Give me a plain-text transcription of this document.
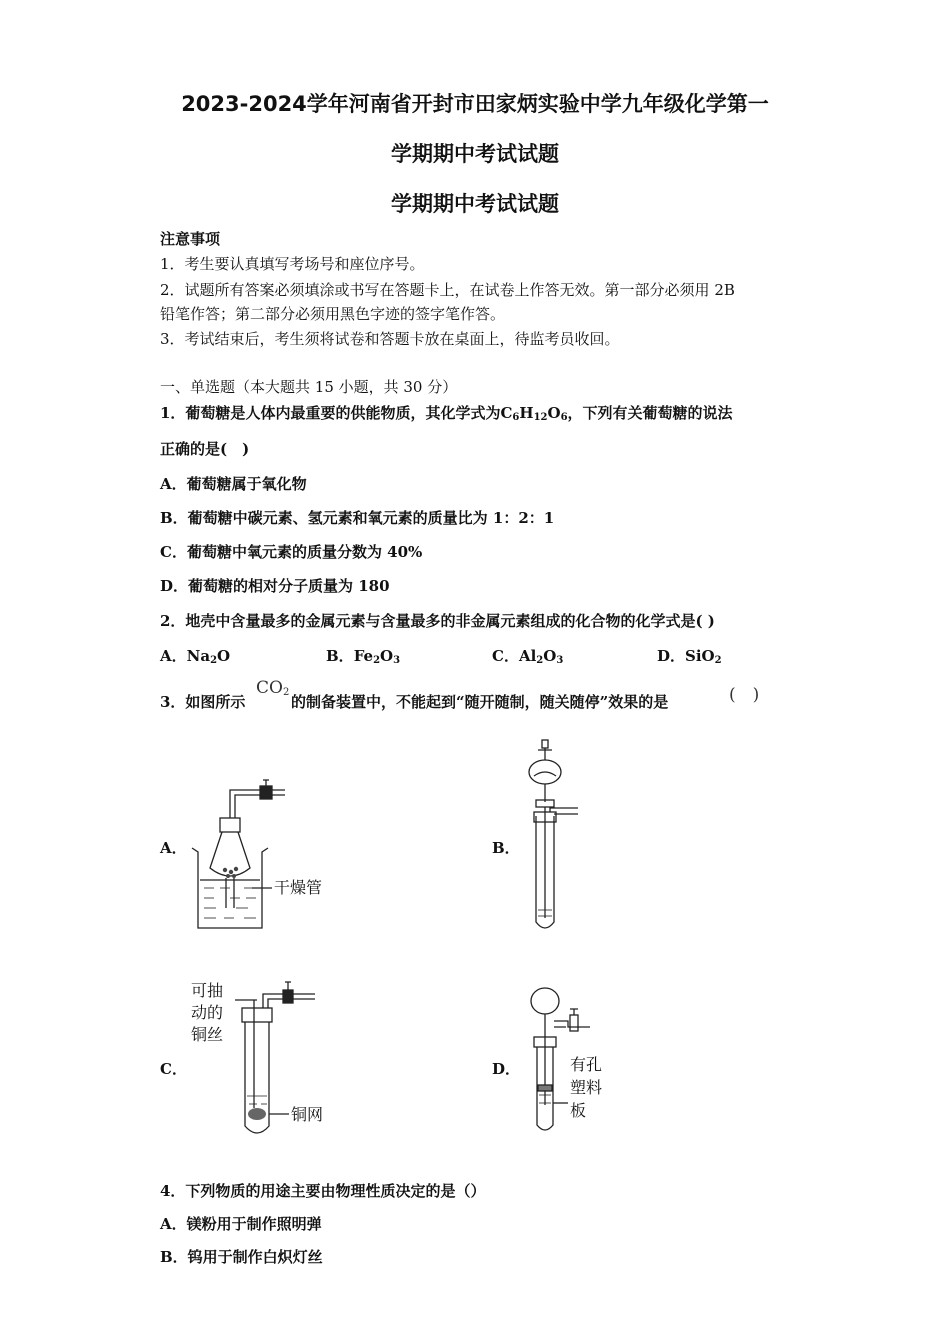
2023-2024学年河南省开封市田家炳实验中学九年级化学第一
学期期中考试试题
学期期中考试试题
注意事项
1．考生要认真填写考场号和座位序号。
2．试题所有答案必须填涂或书写在答题卡上，在试卷上作答无效。第一部分必须用 2B
铅笔作答；第二部分必须用黑色字迹的签字笔作答。
3．考试结束后，考生须将试卷和答题卡放在桌面上，待监考员收回。
一、单选题（本大题共 15 小题，共 30 分）
1．葡萄糖是人体内最重要的供能物质，其化学式为$C_6H_{12}O_6$，下列有关葡萄糖的说法
正确的是(　)
A．葡萄糖属于氧化物
B．葡萄糖中碳元素、氢元素和氧元素的质量比为 1：2：1
C．葡萄糖中氧元素的质量分数为 40%
D．葡萄糖的相对分子质量为 180
2．地壳中含量最多的金属元素与含量最多的非金属元素组成的化合物的化学式是( )
A．$Na_2O$	B．$Fe_2O_3$	C．$Al_2O_3$	D．SiO$_2$
3．如图所示
$CO_2$
的制备装置中，不能起到“随开随制，随关随停”效果的是	(　)
A．	B．
C．	D．
干燥管
可抽
动的
铜丝
铜网
有孔
塑料
板
4．下列物质的用途主要由物理性质决定的是（）
A．镁粉用于制作照明弹
B．钨用于制作白炽灯丝
